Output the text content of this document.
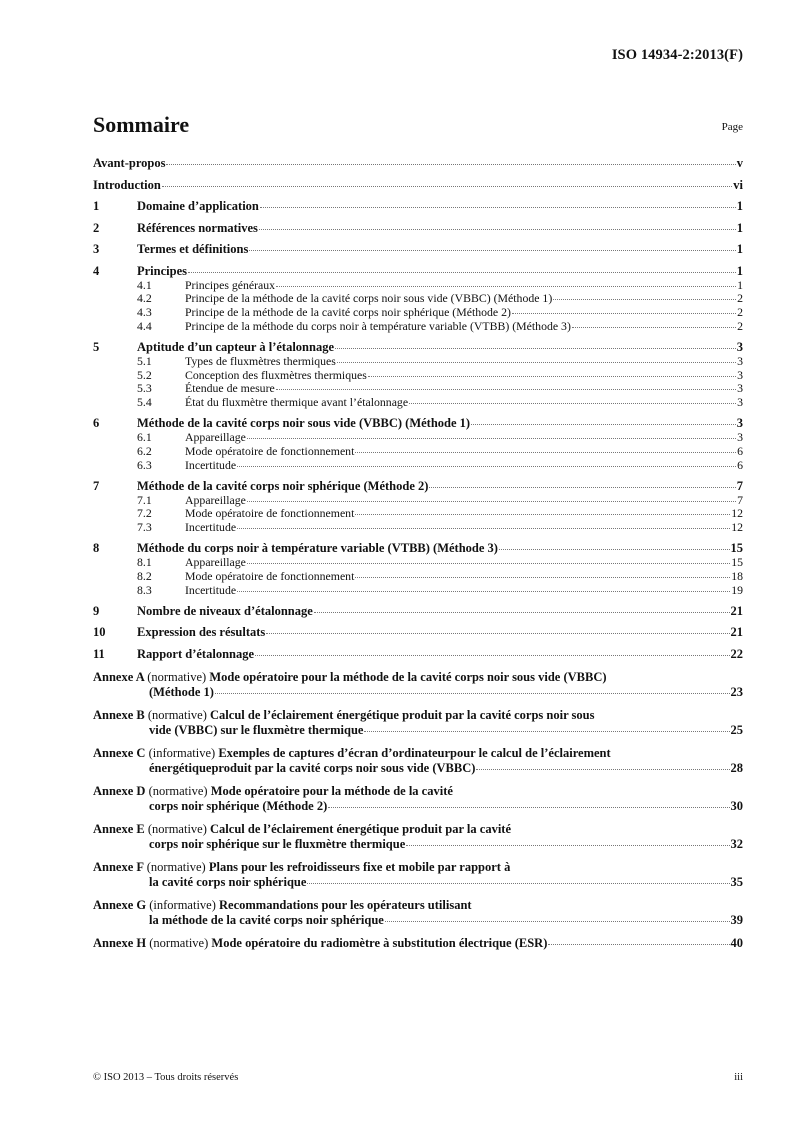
ISO 14934-2:2013(F)
Sommaire	Page
Avant-propos	v
Introduction	vi
1	Domaine d’application	1
2	Références normatives	1
3	Termes et définitions	1
4	Principes	1
4.1	Principes généraux	1
4.2	Principe de la méthode de la cavité corps noir sous vide (VBBC) (Méthode 1)	2
4.3	Principe de la méthode de la cavité corps noir sphérique (Méthode 2)	2
4.4	Principe de la méthode du corps noir à température variable (VTBB) (Méthode 3)	2
5	Aptitude d’un capteur à l’étalonnage	3
5.1	Types de fluxmètres thermiques	3
5.2	Conception des fluxmètres thermiques	3
5.3	Étendue de mesure	3
5.4	État du fluxmètre thermique avant l’étalonnage	3
6	Méthode de la cavité corps noir sous vide (VBBC) (Méthode 1)	3
6.1	Appareillage	3
6.2	Mode opératoire de fonctionnement	6
6.3	Incertitude	6
7	Méthode de la cavité corps noir sphérique (Méthode 2)	7
7.1	Appareillage	7
7.2	Mode opératoire de fonctionnement	12
7.3	Incertitude	12
8	Méthode du corps noir à température variable (VTBB) (Méthode 3)	15
8.1	Appareillage	15
8.2	Mode opératoire de fonctionnement	18
8.3	Incertitude	19
9	Nombre de niveaux d’étalonnage	21
10	Expression des résultats	21
11	Rapport d’étalonnage	22
Annexe A (normative) Mode opératoire pour la méthode de la cavité corps noir sous vide (VBBC)
(Méthode 1)	23
Annexe B (normative) Calcul de l’éclairement énergétique produit par la cavité corps noir sous
vide (VBBC) sur le fluxmètre thermique	25
Annexe C (informative) Exemples de captures d’écran d’ordinateurpour le calcul de l’éclairement
énergétiqueproduit par la cavité corps noir sous vide (VBBC)	28
Annexe D (normative) Mode opératoire pour la méthode de la cavité
corps noir sphérique (Méthode 2)	30
Annexe E (normative) Calcul de l’éclairement énergétique produit par la cavité
corps noir sphérique sur le fluxmètre thermique	32
Annexe F (normative) Plans pour les refroidisseurs fixe et mobile par rapport à
la cavité corps noir sphérique	35
Annexe G (informative) Recommandations pour les opérateurs utilisant
la méthode de la cavité corps noir sphérique	39
Annexe H (normative) Mode opératoire du radiomètre à substitution électrique (ESR)	40
© ISO 2013 – Tous droits réservés	iii
